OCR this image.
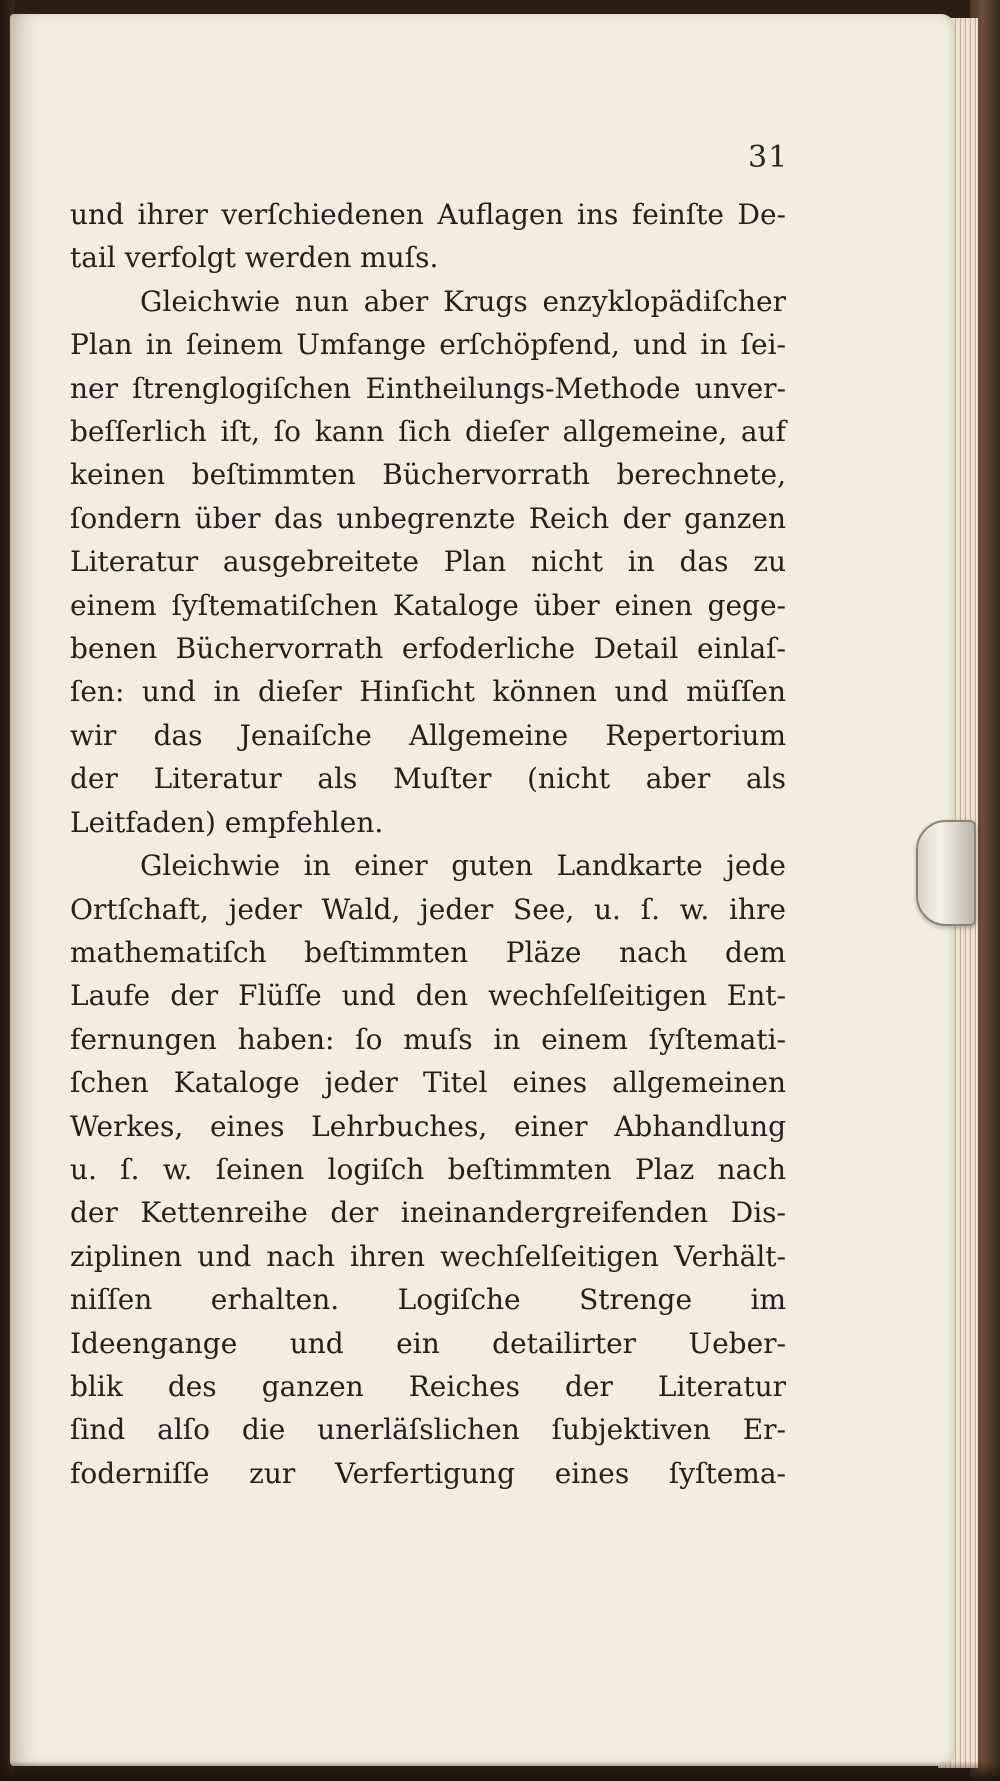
31
und ihrer verſchiedenen Auflagen ins feinſte De-
tail verfolgt werden muſs.
Gleichwie nun aber Krugs enzyklopädiſcher
Plan in ſeinem Umfange erſchöpfend, und in ſei-
ner ſtrenglogiſchen Eintheilungs-Methode unver-
beſſerlich iſt, ſo kann ſich dieſer allgemeine, auf
keinen beſtimmten Büchervorrath berechnete,
ſondern über das unbegrenzte Reich der ganzen
Literatur ausgebreitete Plan nicht in das zu
einem ſyſtematiſchen Kataloge über einen gege-
benen Büchervorrath erfoderliche Detail einlaſ-
ſen: und in dieſer Hinſicht können und müſſen
wir das Jenaiſche Allgemeine Repertorium
der Literatur als Muſter (nicht aber als
Leitfaden) empfehlen.
Gleichwie in einer guten Landkarte jede
Ortſchaft, jeder Wald, jeder See, u. ſ. w. ihre
mathematiſch beſtimmten Pläze nach dem
Laufe der Flüſſe und den wechſelſeitigen Ent-
fernungen haben: ſo muſs in einem ſyſtemati-
ſchen Kataloge jeder Titel eines allgemeinen
Werkes, eines Lehrbuches, einer Abhandlung
u. ſ. w. ſeinen logiſch beſtimmten Plaz nach
der Kettenreihe der ineinandergreifenden Dis-
ziplinen und nach ihren wechſelſeitigen Verhält-
niſſen erhalten. Logiſche Strenge im
Ideengange und ein detailirter Ueber-
blik des ganzen Reiches der Literatur
ſind alſo die unerläſslichen ſubjektiven Er-
foderniſſe zur Verfertigung eines ſyſtema-
